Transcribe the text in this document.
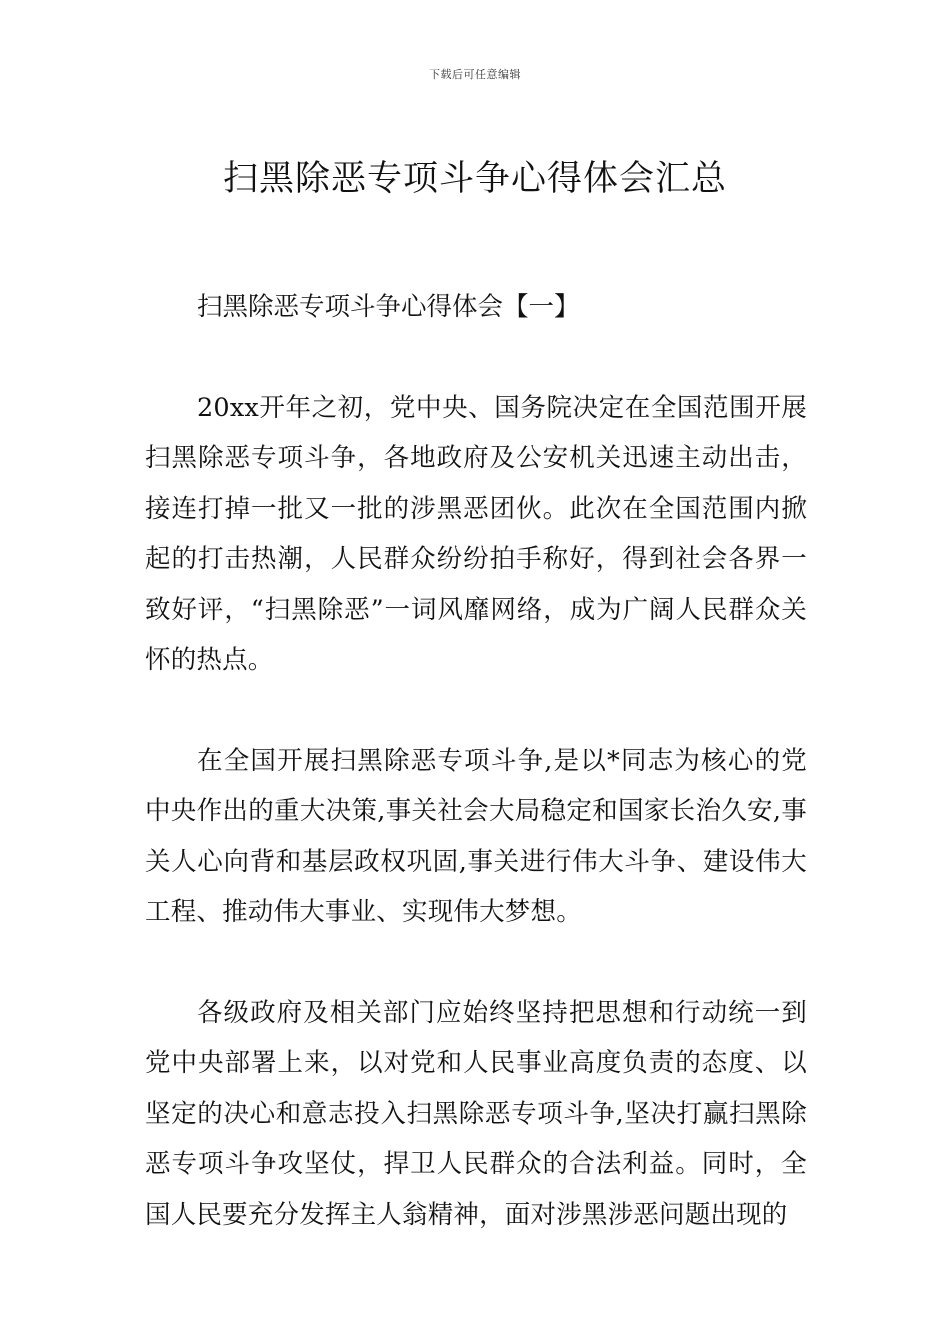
下载后可任意编辑
扫黑除恶专项斗争心得体会汇总
扫黑除恶专项斗争心得体会【一】

20xx开年之初，党中央、国务院决定在全国范围开展扫黑除恶专项斗争，各地政府及公安机关迅速主动出击，接连打掉一批又一批的涉黑恶团伙。此次在全国范围内掀起的打击热潮，人民群众纷纷拍手称好，得到社会各界一致好评，“扫黑除恶”一词风靡网络，成为广阔人民群众关怀的热点。

在全国开展扫黑除恶专项斗争,是以*同志为核心的党中央作出的重大决策,事关社会大局稳定和国家长治久安,事关人心向背和基层政权巩固,事关进行伟大斗争、建设伟大工程、推动伟大事业、实现伟大梦想。

各级政府及相关部门应始终坚持把思想和行动统一到党中央部署上来，以对党和人民事业高度负责的态度、以坚定的决心和意志投入扫黑除恶专项斗争,坚决打赢扫黑除恶专项斗争攻坚仗，捍卫人民群众的合法利益。同时，全国人民要充分发挥主人翁精神，面对涉黑涉恶问题出现的
